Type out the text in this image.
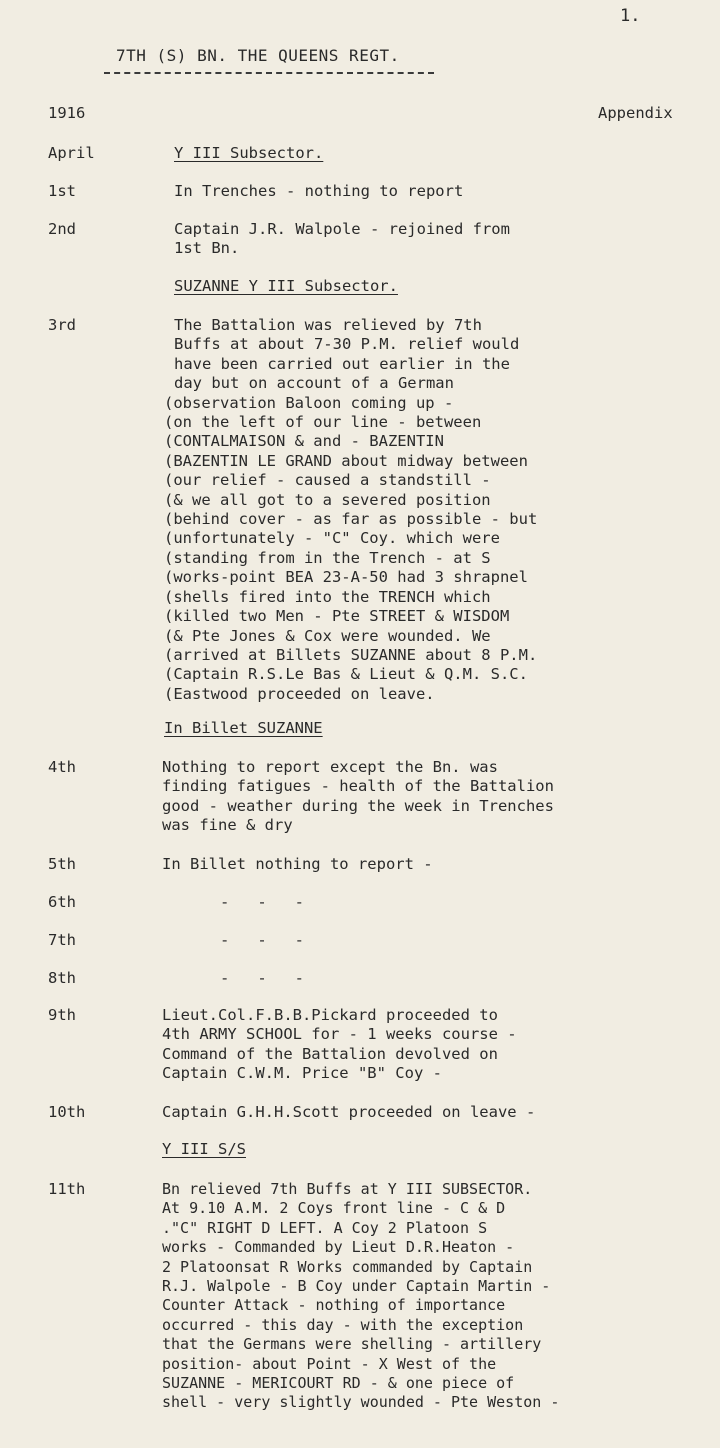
1.
7TH (S) BN. THE QUEENS REGT.
1916	Appendix
April	Y III Subsector.
1st	In Trenches - nothing to report
2nd	Captain J.R. Walpole - rejoined from
1st Bn.
SUZANNE Y III Subsector.
3rd	The Battalion was relieved by 7th
Buffs at about 7-30 P.M. relief would
have been carried out earlier in the
day but on account of a German
(observation Baloon coming up -
(on the left of our line - between
(CONTALMAISON & and - BAZENTIN
(BAZENTIN LE GRAND about midway between
(our relief - caused a standstill -
(& we all got to a severed position
(behind cover - as far as possible - but
(unfortunately - "C" Coy. which were
(standing from in the Trench - at S
(works-point BEA 23-A-50 had 3 shrapnel
(shells fired into the TRENCH which
(killed two Men - Pte STREET & WISDOM
(& Pte Jones & Cox were wounded. We
(arrived at Billets SUZANNE about 8 P.M.
(Captain R.S.Le Bas & Lieut & Q.M. S.C.
(Eastwood proceeded on leave.
In Billet SUZANNE
4th	Nothing to report except the Bn. was
finding fatigues - health of the Battalion
good - weather during the week in Trenches
was fine & dry
5th	In Billet nothing to report -
6th	-   -   -
7th	-   -   -
8th	-   -   -
9th	Lieut.Col.F.B.B.Pickard proceeded to
4th ARMY SCHOOL for - 1 weeks course -
Command of the Battalion devolved on
Captain C.W.M. Price "B" Coy -
10th	Captain G.H.H.Scott proceeded on leave -
Y III S/S
11th	Bn relieved 7th Buffs at Y III SUBSECTOR.
At 9.10 A.M. 2 Coys front line - C & D
."C" RIGHT D LEFT. A Coy 2 Platoon S
works - Commanded by Lieut D.R.Heaton -
2 Platoonsat R Works commanded by Captain
R.J. Walpole - B Coy under Captain Martin -
Counter Attack - nothing of importance
occurred - this day - with the exception
that the Germans were shelling - artillery
position- about Point - X West of the
SUZANNE - MERICOURT RD - & one piece of
shell - very slightly wounded - Pte Weston -
